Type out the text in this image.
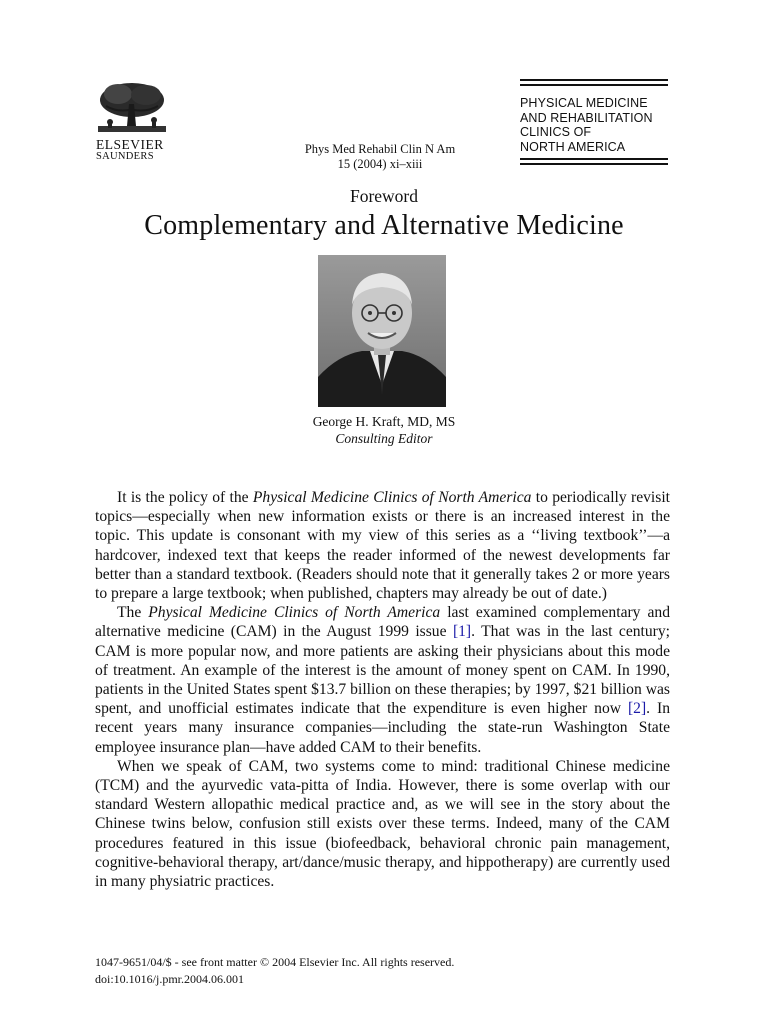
ELSEVIER
SAUNDERS
Phys Med Rehabil Clin N Am
15 (2004) xi–xiii
PHYSICAL MEDICINE
AND REHABILITATION
CLINICS OF
NORTH AMERICA
Foreword
Complementary and Alternative Medicine
George H. Kraft, MD, MS
Consulting Editor

It is the policy of the Physical Medicine Clinics of North America to periodically revisit topics—especially when new information exists or there is an increased interest in the topic. This update is consonant with my view of this series as a ‘‘living textbook’’—a hardcover, indexed text that keeps the reader informed of the newest developments far better than a standard textbook. (Readers should note that it generally takes 2 or more years to prepare a large textbook; when published, chapters may already be out of date.)

The Physical Medicine Clinics of North America last examined complementary and alternative medicine (CAM) in the August 1999 issue [1]. That was in the last century; CAM is more popular now, and more patients are asking their physicians about this mode of treatment. An example of the interest is the amount of money spent on CAM. In 1990, patients in the United States spent $13.7 billion on these therapies; by 1997, $21 billion was spent, and unofficial estimates indicate that the expenditure is even higher now [2]. In recent years many insurance companies—including the state-run Washington State employee insurance plan—have added CAM to their benefits.

When we speak of CAM, two systems come to mind: traditional Chinese medicine (TCM) and the ayurvedic vata-pitta of India. However, there is some overlap with our standard Western allopathic medical practice and, as we will see in the story about the Chinese twins below, confusion still exists over these terms. Indeed, many of the CAM procedures featured in this issue (biofeedback, behavioral chronic pain management, cognitive-behavioral therapy, art/dance/music therapy, and hippotherapy) are currently used in many physiatric practices.

1047-9651/04/$ - see front matter © 2004 Elsevier Inc. All rights reserved.
doi:10.1016/j.pmr.2004.06.001
